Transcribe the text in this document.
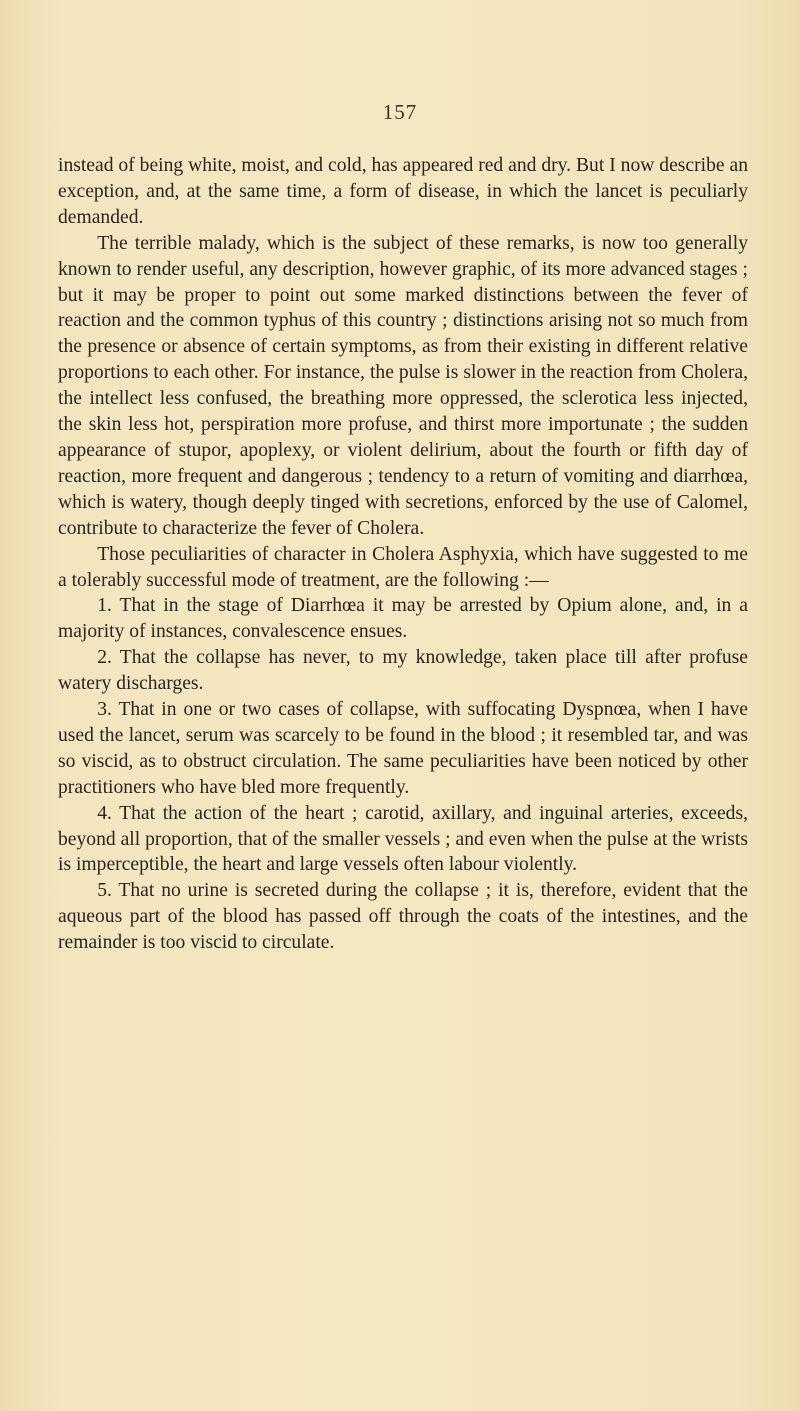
157

instead of being white, moist, and cold, has appeared red and dry. But I now describe an exception, and, at the same time, a form of disease, in which the lancet is peculiarly demanded.

The terrible malady, which is the subject of these remarks, is now too generally known to render useful, any description, however graphic, of its more advanced stages ; but it may be proper to point out some marked distinctions between the fever of reaction and the common typhus of this country ; distinctions arising not so much from the presence or absence of certain symptoms, as from their existing in different relative proportions to each other. For instance, the pulse is slower in the reaction from Cholera, the intellect less confused, the breathing more oppressed, the sclerotica less injected, the skin less hot, perspiration more profuse, and thirst more importunate ; the sudden appearance of stupor, apoplexy, or violent delirium, about the fourth or fifth day of reaction, more frequent and dangerous ; tendency to a return of vomiting and diarrhœa, which is watery, though deeply tinged with secretions, enforced by the use of Calomel, contribute to characterize the fever of Cholera.

Those peculiarities of character in Cholera Asphyxia, which have suggested to me a tolerably successful mode of treatment, are the following :—

1. That in the stage of Diarrhœa it may be arrested by Opium alone, and, in a majority of instances, convalescence ensues.

2. That the collapse has never, to my knowledge, taken place till after profuse watery discharges.

3. That in one or two cases of collapse, with suffocating Dyspnœa, when I have used the lancet, serum was scarcely to be found in the blood ; it resembled tar, and was so viscid, as to obstruct circulation. The same peculiarities have been noticed by other practitioners who have bled more frequently.

4. That the action of the heart ; carotid, axillary, and inguinal arteries, exceeds, beyond all proportion, that of the smaller vessels ; and even when the pulse at the wrists is imperceptible, the heart and large vessels often labour violently.

5. That no urine is secreted during the collapse ; it is, therefore, evident that the aqueous part of the blood has passed off through the coats of the intestines, and the remainder is too viscid to circulate.
